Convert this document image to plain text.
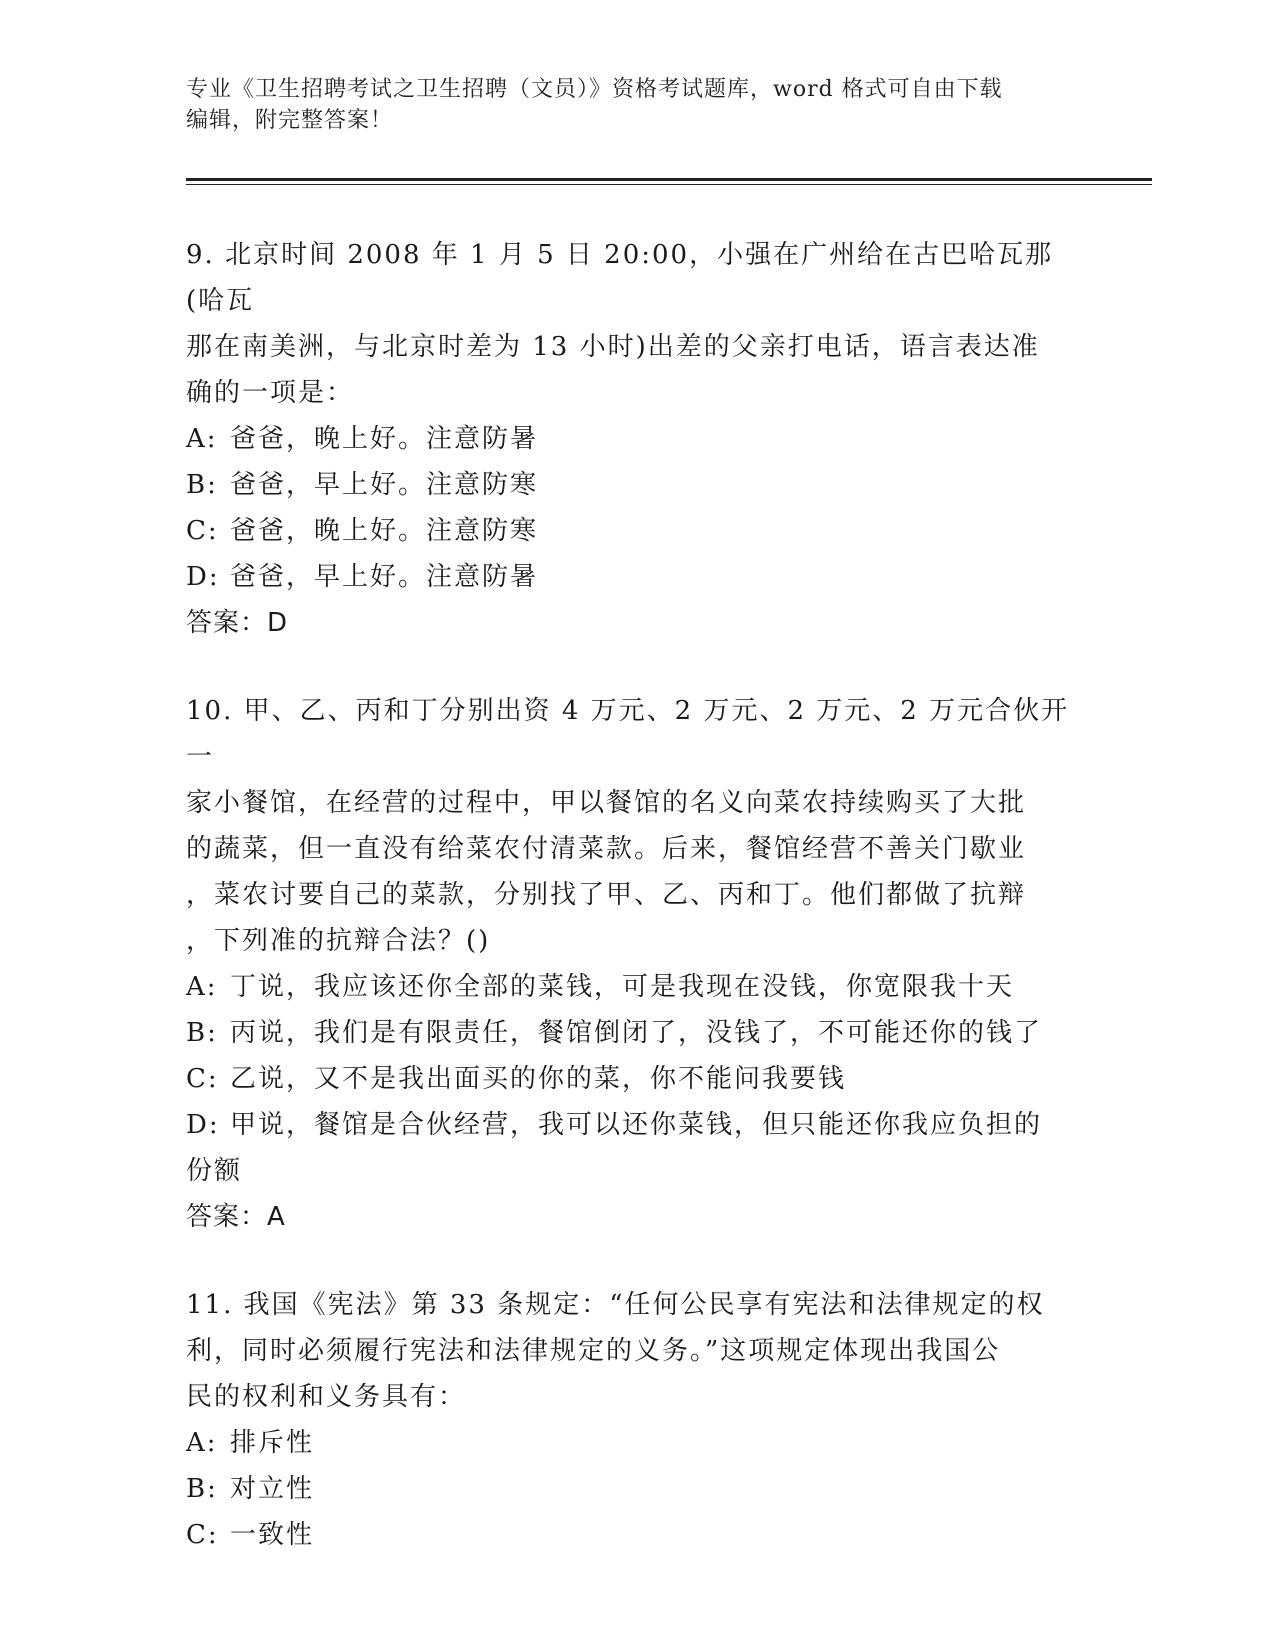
专业《卫生招聘考试之卫生招聘（文员）》资格考试题库，word 格式可自由下载
编辑，附完整答案！
9. 北京时间 2008 年 1 月 5 日 20:00，小强在广州给在古巴哈瓦那(哈瓦
那在南美洲，与北京时差为 13 小时)出差的父亲打电话，语言表达准
确的一项是：
A: 爸爸，晚上好。注意防暑
B: 爸爸，早上好。注意防寒
C: 爸爸，晚上好。注意防寒
D: 爸爸，早上好。注意防暑
答案：D
10. 甲、乙、丙和丁分别出资 4 万元、2 万元、2 万元、2 万元合伙开一
家小餐馆，在经营的过程中，甲以餐馆的名义向菜农持续购买了大批
的蔬菜，但一直没有给菜农付清菜款。后来，餐馆经营不善关门歇业
，菜农讨要自己的菜款，分别找了甲、乙、丙和丁。他们都做了抗辩
，下列准的抗辩合法？()
A: 丁说，我应该还你全部的菜钱，可是我现在没钱，你宽限我十天
B: 丙说，我们是有限责任，餐馆倒闭了，没钱了，不可能还你的钱了
C: 乙说，又不是我出面买的你的菜，你不能问我要钱
D: 甲说，餐馆是合伙经营，我可以还你菜钱，但只能还你我应负担的
份额
答案：A
11. 我国《宪法》第 33 条规定：“任何公民享有宪法和法律规定的权
利，同时必须履行宪法和法律规定的义务。”这项规定体现出我国公
民的权利和义务具有：
A: 排斥性
B: 对立性
C: 一致性
